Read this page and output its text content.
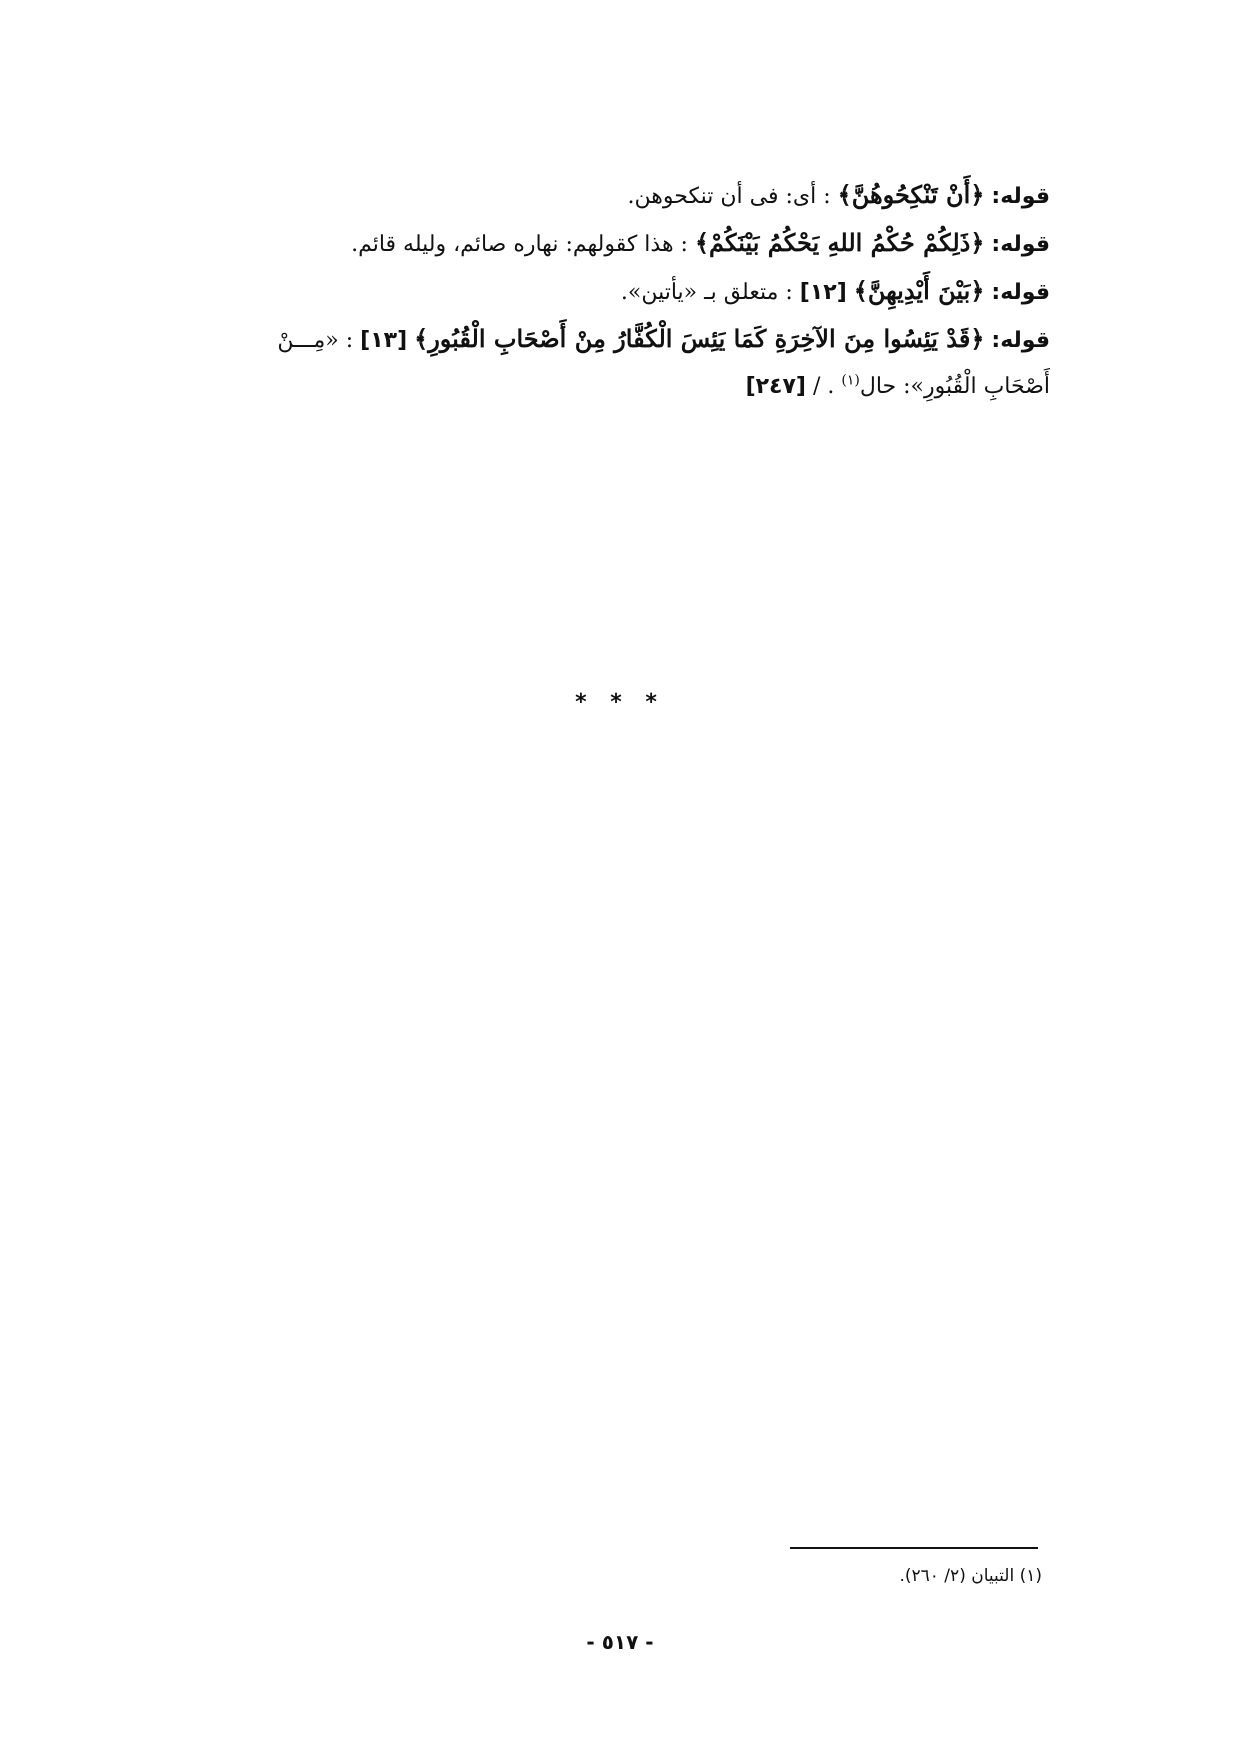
قوله: ﴿أَنْ تَنْكِحُوهُنَّ﴾ : أى: فى أن تنكحوهن.
قوله: ﴿ذَلِكُمْ حُكْمُ اللهِ يَحْكُمُ بَيْنَكُمْ﴾ : هذا كقولهم: نهاره صائم، وليله قائم.
قوله: ﴿بَيْنَ أَيْدِيهِنَّ﴾ [١٢] : متعلق بـ «يأتين».
قوله: ﴿قَدْ يَئِسُوا مِنَ الآخِرَةِ كَمَا يَئِسَ الْكُفَّارُ مِنْ أَصْحَابِ الْقُبُورِ﴾ [١٣] : «مِـــنْ
أَصْحَابِ الْقُبُورِ»: حال$^{(١)}$ . / [٢٤٧]
* * *
(١) التبيان (٢/ ٢٦٠).
- ٥١٧ -
